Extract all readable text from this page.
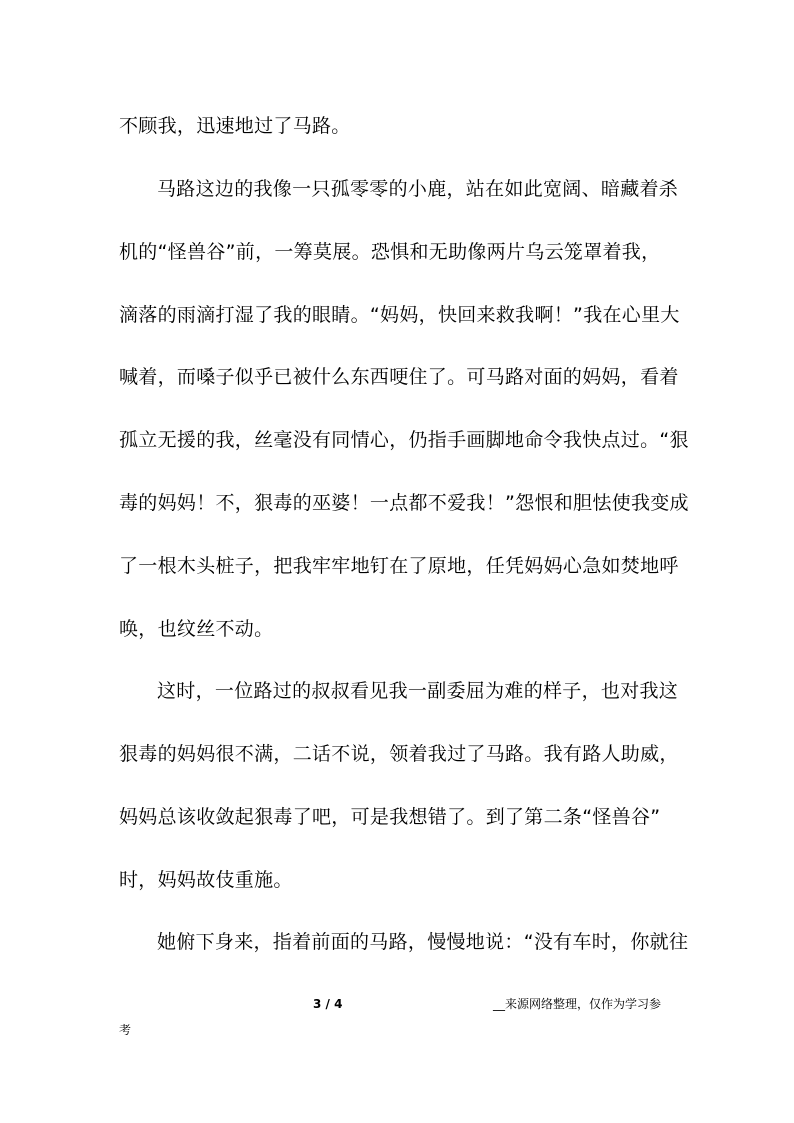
不顾我，迅速地过了马路。
马路这边的我像一只孤零零的小鹿，站在如此宽阔、暗藏着杀
机的“怪兽谷”前，一筹莫展。恐惧和无助像两片乌云笼罩着我，
滴落的雨滴打湿了我的眼睛。“妈妈，快回来救我啊！”我在心里大
喊着，而嗓子似乎已被什么东西哽住了。可马路对面的妈妈，看着
孤立无援的我，丝毫没有同情心，仍指手画脚地命令我快点过。“狠
毒的妈妈！不，狠毒的巫婆！一点都不爱我！”怨恨和胆怯使我变成
了一根木头桩子，把我牢牢地钉在了原地，任凭妈妈心急如焚地呼
唤，也纹丝不动。
这时，一位路过的叔叔看见我一副委屈为难的样子，也对我这
狠毒的妈妈很不满，二话不说，领着我过了马路。我有路人助威，
妈妈总该收敛起狠毒了吧，可是我想错了。到了第二条“怪兽谷”
时，妈妈故伎重施。
她俯下身来，指着前面的马路，慢慢地说：“没有车时，你就往
3 / 4	__来源网络整理，仅作为学习参
考
